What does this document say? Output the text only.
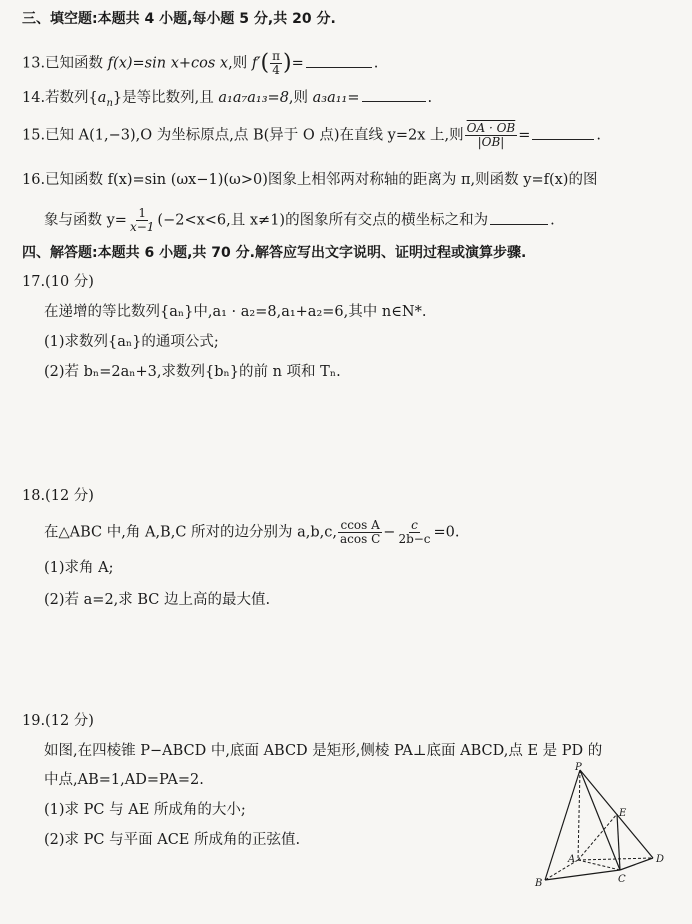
三、填空题:本题共 4 小题,每小题 5 分,共 20 分.
13.已知函数 f(x)=sin x+cos x,则 $f'( \frac{\pi}{4}$ )=	.
14.若数列$\{a_n\}$是等比数列,且 a₁a₇a₁₃=8,则 a₃a₁₁=	.
15.已知 A(1,−3),O 为坐标原点,点 B(异于 O 点)在直线 y=2x 上,则 $\frac{OA \cdot OB}{|OB|}$ =	.
16.已知函数 f(x)=sin (ωx−1)(ω>0)图象上相邻两对称轴的距离为 π,则函数 y=f(x)的图
象与函数 $y= \frac{1}{x-1} (-2<x<6$,且 x≠1)的图象所有交点的横坐标之和为	.
四、解答题:本题共 6 小题,共 70 分.解答应写出文字说明、证明过程或演算步骤.
17.(10 分)
在递增的等比数列{aₙ}中,a₁ · a₂=8,a₁+a₂=6,其中 n∈N*.
(1)求数列{aₙ}的通项公式;
(2)若 bₙ=2aₙ+3,求数列{bₙ}的前 n 项和 Tₙ.
18.(12 分)
在△ABC 中,角 A,B,C 所对的边分别为 a,b,c, $\frac{\text{ccos A}}{\text{acos C}} - \frac{c}{2b-c} =0$.
(1)求角 A;
(2)若 a=2,求 BC 边上高的最大值.
19.(12 分)
如图,在四棱锥 P−ABCD 中,底面 ABCD 是矩形,侧棱 PA⊥底面 ABCD,点 E 是 PD 的
中点,AB=1,AD=PA=2.
(1)求 PC 与 AE 所成角的大小;
(2)求 PC 与平面 ACE 所成角的正弦值.
P
E
A
B	C
D
